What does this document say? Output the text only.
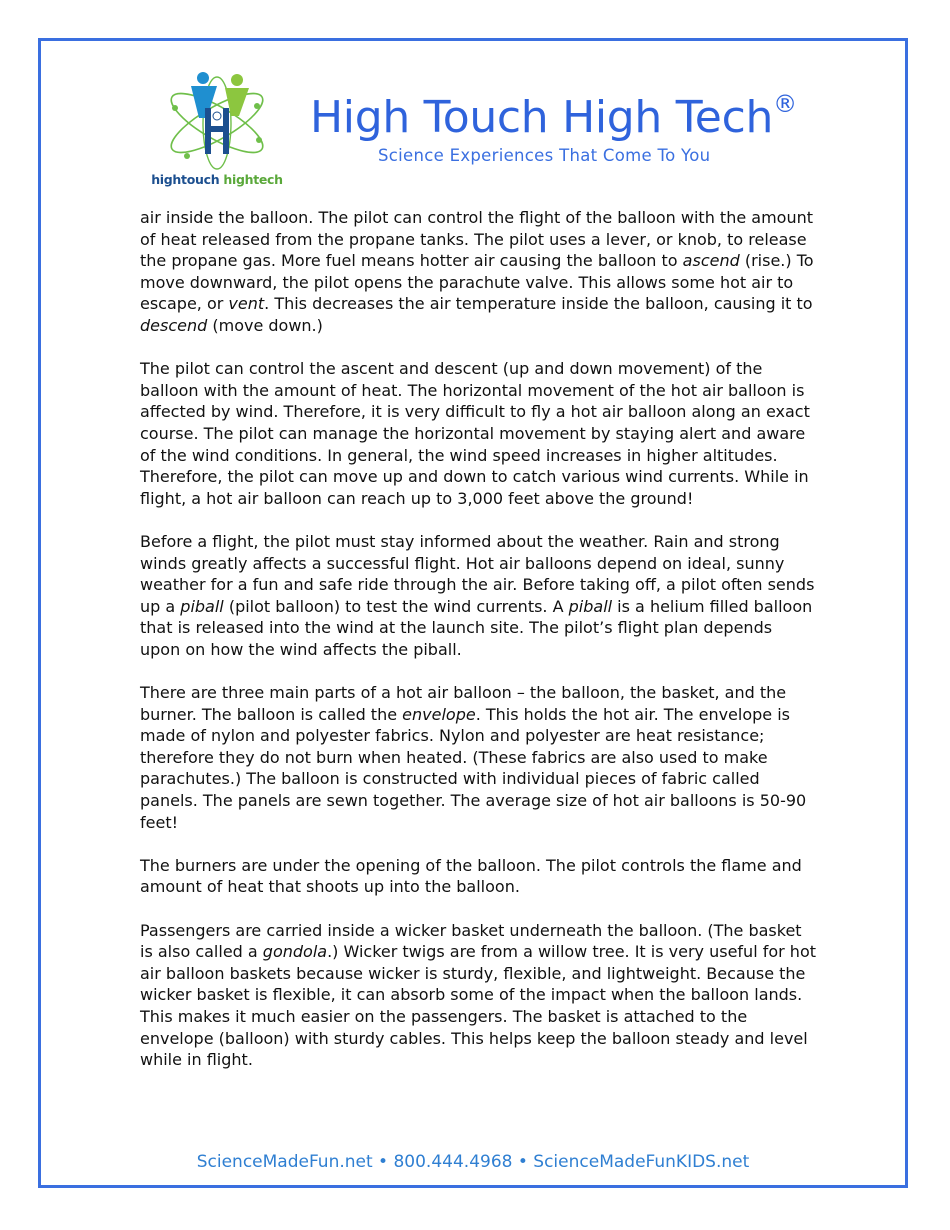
hightouch hightech
High Touch High Tech®
Science Experiences That Come To You

air inside the balloon. The pilot can control the flight of the balloon with the amount of heat released from the propane tanks. The pilot uses a lever, or knob, to release the propane gas. More fuel means hotter air causing the balloon to ascend (rise.) To move downward, the pilot opens the parachute valve. This allows some hot air to escape, or vent. This decreases the air temperature inside the balloon, causing it to descend (move down.)

The pilot can control the ascent and descent (up and down movement) of the balloon with the amount of heat. The horizontal movement of the hot air balloon is affected by wind. Therefore, it is very difficult to fly a hot air balloon along an exact course. The pilot can manage the horizontal movement by staying alert and aware of the wind conditions. In general, the wind speed increases in higher altitudes. Therefore, the pilot can move up and down to catch various wind currents. While in flight, a hot air balloon can reach up to 3,000 feet above the ground!

Before a flight, the pilot must stay informed about the weather. Rain and strong winds greatly affects a successful flight. Hot air balloons depend on ideal, sunny weather for a fun and safe ride through the air. Before taking off, a pilot often sends up a piball (pilot balloon) to test the wind currents. A piball is a helium filled balloon that is released into the wind at the launch site. The pilot’s flight plan depends upon on how the wind affects the piball.

There are three main parts of a hot air balloon – the balloon, the basket, and the burner. The balloon is called the envelope. This holds the hot air. The envelope is made of nylon and polyester fabrics. Nylon and polyester are heat resistance; therefore they do not burn when heated. (These fabrics are also used to make parachutes.) The balloon is constructed with individual pieces of fabric called panels. The panels are sewn together. The average size of hot air balloons is 50-90 feet!

The burners are under the opening of the balloon. The pilot controls the flame and amount of heat that shoots up into the balloon.

Passengers are carried inside a wicker basket underneath the balloon. (The basket is also called a gondola.) Wicker twigs are from a willow tree. It is very useful for hot air balloon baskets because wicker is sturdy, flexible, and lightweight. Because the wicker basket is flexible, it can absorb some of the impact when the balloon lands. This makes it much easier on the passengers. The basket is attached to the envelope (balloon) with sturdy cables. This helps keep the balloon steady and level while in flight.

ScienceMadeFun.net • 800.444.4968 • ScienceMadeFunKIDS.net
